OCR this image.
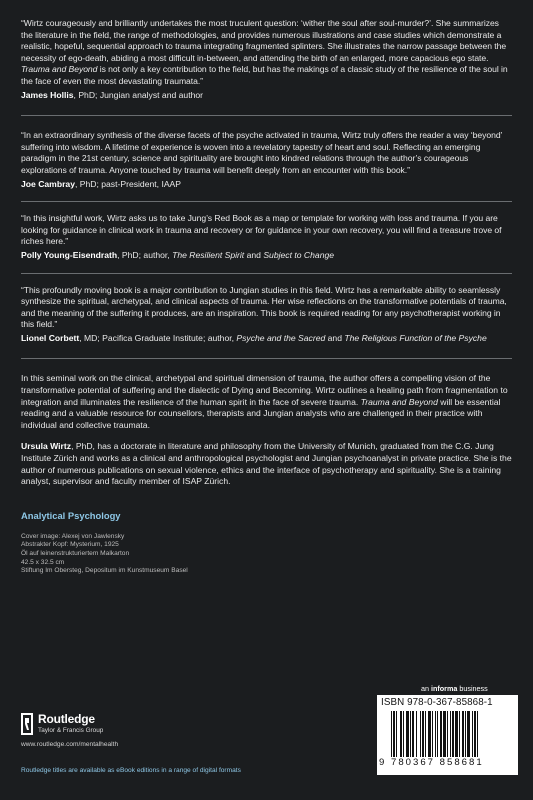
“Wirtz courageously and brilliantly undertakes the most truculent question: ‘wither the soul after soul-murder?’. She summarizes the literature in the field, the range of methodologies, and provides numerous illustrations and case studies which demonstrate a realistic, hopeful, sequential approach to trauma integrating fragmented splinters. She illustrates the narrow passage between the necessity of ego-death, abiding a most difficult in-between, and attending the birth of an enlarged, more capacious ego state. Trauma and Beyond is not only a key contribution to the field, but has the makings of a classic study of the resilience of the soul in the face of even the most devastating traumata.”

James Hollis, PhD; Jungian analyst and author

“In an extraordinary synthesis of the diverse facets of the psyche activated in trauma, Wirtz truly offers the reader a way ‘beyond’ suffering into wisdom. A lifetime of experience is woven into a revelatory tapestry of heart and soul. Reflecting an emerging paradigm in the 21st century, science and spirituality are brought into kindred relations through the author’s courageous explorations of trauma. Anyone touched by trauma will benefit deeply from an encounter with this book.”

Joe Cambray, PhD; past-President, IAAP

“In this insightful work, Wirtz asks us to take Jung’s Red Book as a map or template for working with loss and trauma. If you are looking for guidance in clinical work in trauma and recovery or for guidance in your own recovery, you will find a treasure trove of riches here.”

Polly Young-Eisendrath, PhD; author, The Resilient Spirit and Subject to Change

“This profoundly moving book is a major contribution to Jungian studies in this field. Wirtz has a remarkable ability to seamlessly synthesize the spiritual, archetypal, and clinical aspects of trauma. Her wise reflections on the transformative potentials of trauma, and the meaning of the suffering it produces, are an inspiration. This book is required reading for any psychotherapist working in this field.”

Lionel Corbett, MD; Pacifica Graduate Institute; author, Psyche and the Sacred and The Religious Function of the Psyche

In this seminal work on the clinical, archetypal and spiritual dimension of trauma, the author offers a compelling vision of the transformative potential of suffering and the dialectic of Dying and Becoming. Wirtz outlines a healing path from fragmentation to integration and illuminates the resilience of the human spirit in the face of severe trauma. Trauma and Beyond will be essential reading and a valuable resource for counsellors, therapists and Jungian analysts who are challenged in their practice with individual and collective traumata.

Ursula Wirtz, PhD, has a doctorate in literature and philosophy from the University of Munich, graduated from the C.G. Jung Institute Zürich and works as a clinical and anthropological psychologist and Jungian psychoanalyst in private practice. She is the author of numerous publications on sexual violence, ethics and the interface of psychotherapy and spirituality. She is a training analyst, supervisor and faculty member of ISAP Zürich.

Analytical Psychology
Cover image: Alexej von Jawlensky
Abstrakter Kopf: Mysterium, 1925
Öl auf leinenstrukturiertem Malkarton
42.5 x 32.5 cm
Stiftung Im Obersteg, Depositum im Kunstmuseum Basel
Routledge
Taylor & Francis Group
www.routledge.com/mentalhealth
Routledge titles are available as eBook editions in a range of digital formats
an informa business
ISBN 978-0-367-85868-1
9 780367 858681
